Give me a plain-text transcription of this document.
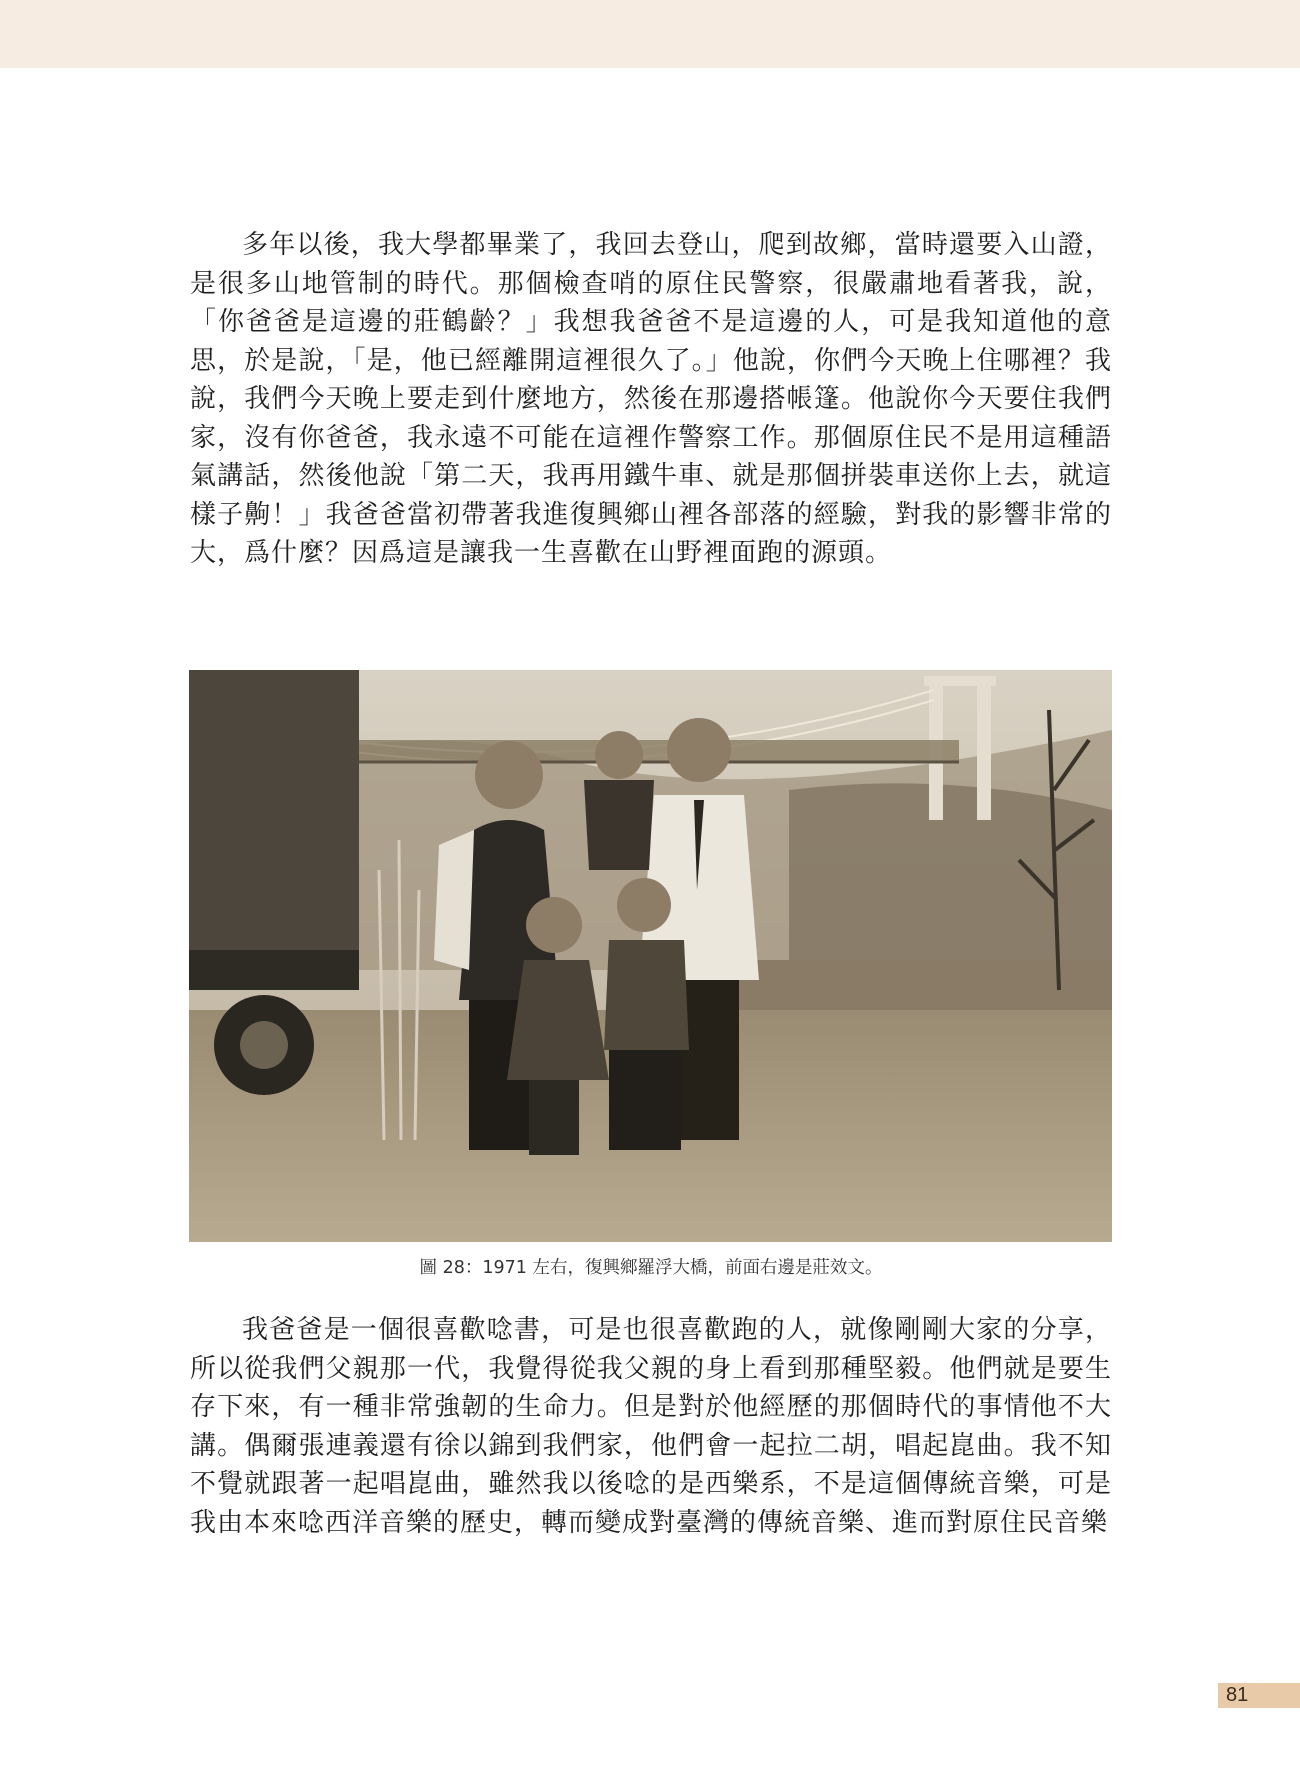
多年以後，我大學都畢業了，我回去登山，爬到故鄉，當時還要入山證，是很多山地管制的時代。那個檢查哨的原住民警察，很嚴肅地看著我，說，「你爸爸是這邊的莊鶴齡？」我想我爸爸不是這邊的人，可是我知道他的意思，於是說，「是，他已經離開這裡很久了。」他說，你們今天晚上住哪裡？我說，我們今天晚上要走到什麼地方，然後在那邊搭帳篷。他說你今天要住我們家，沒有你爸爸，我永遠不可能在這裡作警察工作。那個原住民不是用這種語氣講話，然後他說「第二天，我再用鐵牛車、就是那個拼裝車送你上去，就這樣子齁！」我爸爸當初帶著我進復興鄉山裡各部落的經驗，對我的影響非常的大，爲什麼？因爲這是讓我一生喜歡在山野裡面跑的源頭。

圖 28：1971 左右，復興鄉羅浮大橋，前面右邊是莊效文。

我爸爸是一個很喜歡唸書，可是也很喜歡跑的人，就像剛剛大家的分享，所以從我們父親那一代，我覺得從我父親的身上看到那種堅毅。他們就是要生存下來，有一種非常強韌的生命力。但是對於他經歷的那個時代的事情他不大講。偶爾張連義還有徐以錦到我們家，他們會一起拉二胡，唱起崑曲。我不知不覺就跟著一起唱崑曲，雖然我以後唸的是西樂系，不是這個傳統音樂，可是我由本來唸西洋音樂的歷史，轉而變成對臺灣的傳統音樂、進而對原住民音樂

81
